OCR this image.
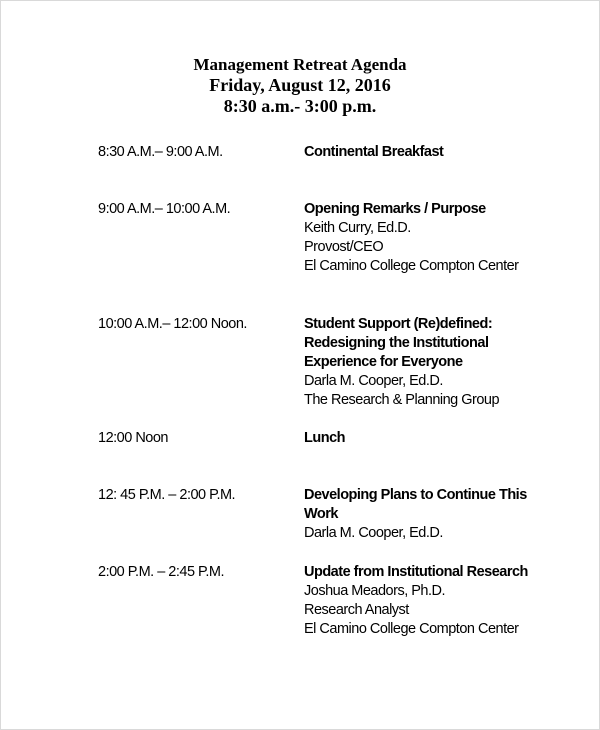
Management Retreat Agenda
Friday, August 12, 2016
8:30 a.m.- 3:00 p.m.
8:30 A.M.– 9:00 A.M.	Continental Breakfast
9:00 A.M.– 10:00 A.M.	Opening Remarks / Purpose
Keith Curry, Ed.D.
Provost/CEO
El Camino College Compton Center
10:00 A.M.– 12:00 Noon.	Student Support (Re)defined:
Redesigning the Institutional
Experience for Everyone
Darla M. Cooper, Ed.D.
The Research & Planning Group
12:00 Noon	Lunch
12: 45 P.M. – 2:00 P.M.	Developing Plans to Continue This
Work
Darla M. Cooper, Ed.D.
2:00 P.M. – 2:45 P.M.	Update from Institutional Research
Joshua Meadors, Ph.D.
Research Analyst
El Camino College Compton Center
